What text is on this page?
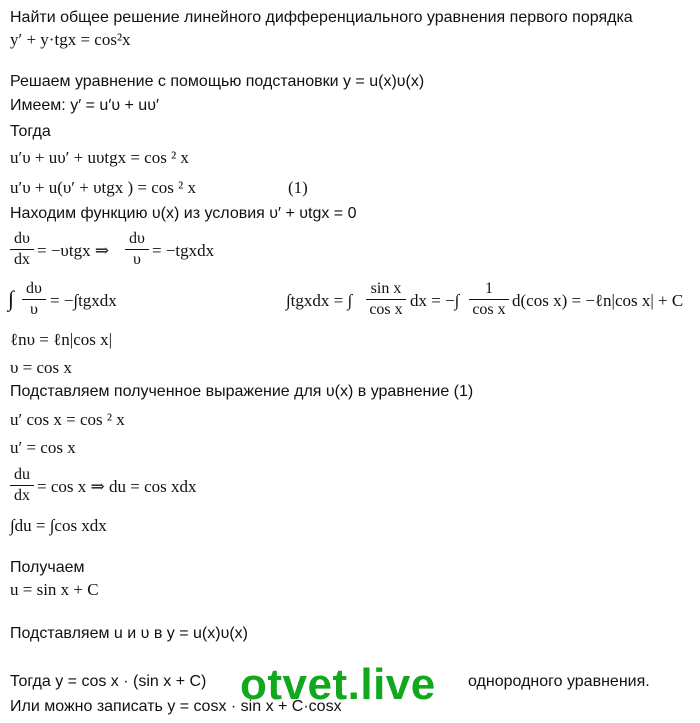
Найти общее решение линейного дифференциального уравнения первого порядка
y′ + y·tgx = cos²x
Решаем уравнение с помощью подстановки y = u(x)υ(x)
Имеем: y′ = u′υ + uυ′
Тогда
u′υ + uυ′ + uυtgx = cos ² x
u′υ + u(υ′ + υtgx ) = cos ² x	(1)
Находим функцию υ(x) из условия υ′ + υtgx = 0
dυ
dx = −υtgx ⇒
dυ
υ = −tgxdx
∫ dυ
υ = −∫tgxdx	∫tgxdx = ∫
sin x
cos x dx = −∫
1
cos x d(cos x) = −ℓn|cos x| + C
ℓnυ = ℓn|cos x|
υ = cos x
Подставляем полученное выражение для υ(x) в уравнение (1)
u′ cos x = cos ² x
u′ = cos x
du
dx = cos x ⇒ du = cos xdx
∫du = ∫cos xdx
Получаем
u = sin x + C
Подставляем u и υ в y = u(x)υ(x)
Тогда y = cos x · (sin x + C)	однородного уравнения.
Или можно записать y = cosx · sin x + C·cosx
otvet.live
